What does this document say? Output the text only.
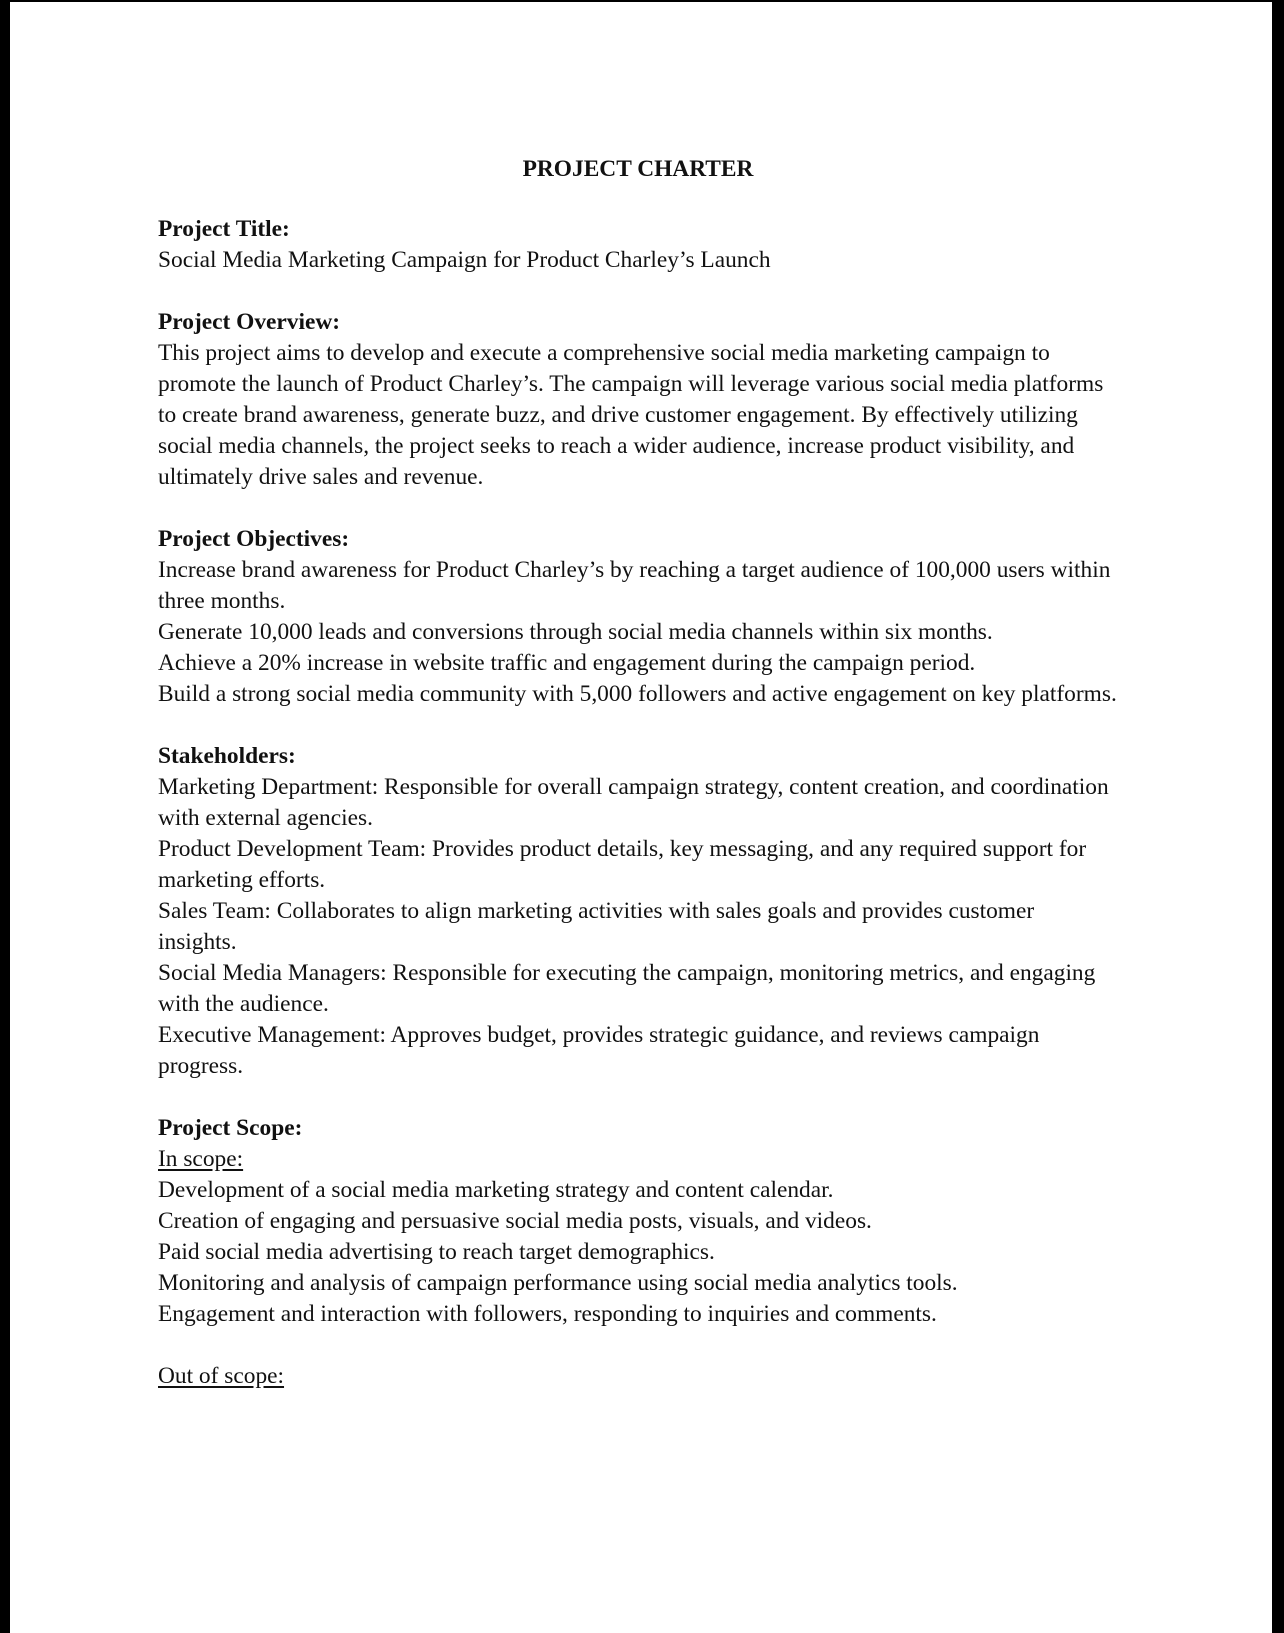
PROJECT CHARTER

Project Title:

Social Media Marketing Campaign for Product Charley’s Launch

Project Overview:

This project aims to develop and execute a comprehensive social media marketing campaign to promote the launch of Product Charley’s. The campaign will leverage various social media platforms to create brand awareness, generate buzz, and drive customer engagement. By effectively utilizing social media channels, the project seeks to reach a wider audience, increase product visibility, and ultimately drive sales and revenue.

Project Objectives:

Increase brand awareness for Product Charley’s by reaching a target audience of 100,000 users within three months.

Generate 10,000 leads and conversions through social media channels within six months.

Achieve a 20% increase in website traffic and engagement during the campaign period.

Build a strong social media community with 5,000 followers and active engagement on key platforms.

Stakeholders:

Marketing Department: Responsible for overall campaign strategy, content creation, and coordination with external agencies.

Product Development Team: Provides product details, key messaging, and any required support for marketing efforts.

Sales Team: Collaborates to align marketing activities with sales goals and provides customer insights.

Social Media Managers: Responsible for executing the campaign, monitoring metrics, and engaging with the audience.

Executive Management: Approves budget, provides strategic guidance, and reviews campaign progress.

Project Scope:

In scope:

Development of a social media marketing strategy and content calendar.

Creation of engaging and persuasive social media posts, visuals, and videos.

Paid social media advertising to reach target demographics.

Monitoring and analysis of campaign performance using social media analytics tools.

Engagement and interaction with followers, responding to inquiries and comments.

Out of scope:
